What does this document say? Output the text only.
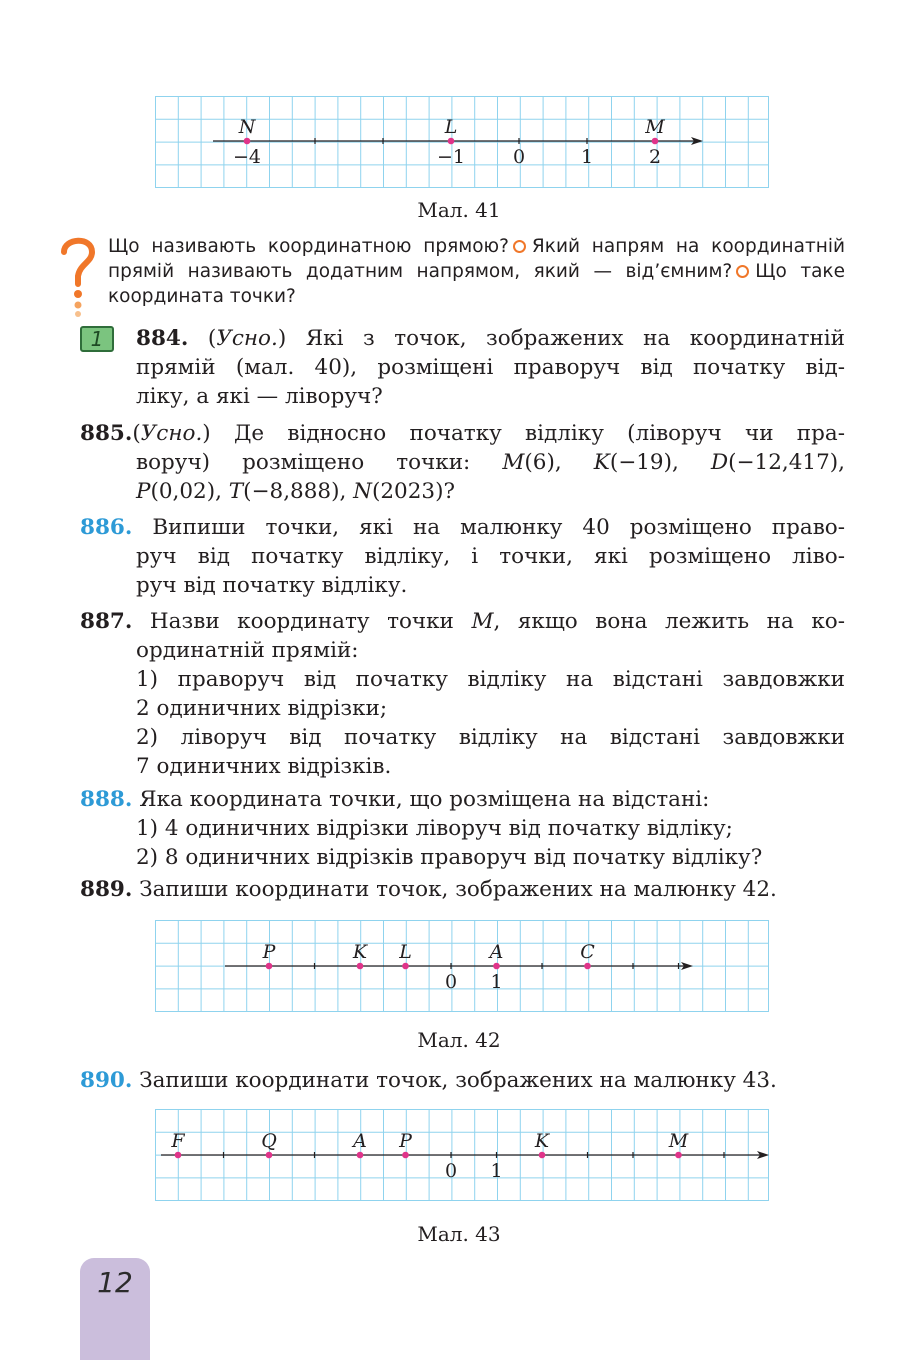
−4	−1	0	1	2
N	L	M
Мал. 41
Що називають координатною прямою? Який напрям на координатній
прямій називають додатним напрямом, який — від’ємним? Що таке
координата точки?
1	884. (Усно.) Які з точок, зображених на координатній
прямій (мал. 40), розміщені праворуч від початку від-
ліку, а які — ліворуч?
885.(Усно.) Де відносно початку відліку (ліворуч чи пра-
воруч) розміщено точки: M(6), K(−19), D(−12,417),
P(0,02), T(−8,888), N(2023)?
886. Випиши точки, які на малюнку 40 розміщено право-
руч від початку відліку, і точки, які розміщено ліво-
руч від початку відліку.
887. Назви координату точки M, якщо вона лежить на ко-
ординатній прямій:
1) праворуч від початку відліку на відстані завдовжки
2 одиничних відрізки;
2) ліворуч від початку відліку на відстані завдовжки
7 одиничних відрізків.
888. Яка координата точки, що розміщена на відстані:
1) 4 одиничних відрізки ліворуч від початку відліку;
2) 8 одиничних відрізків праворуч від початку відліку?
889. Запиши координати точок, зображених на малюнку 42.
0 1
P	K L	A	C
Мал. 42
890. Запиши координати точок, зображених на малюнку 43.
0 1
F	Q	A P	K	M
Мал. 43
12
